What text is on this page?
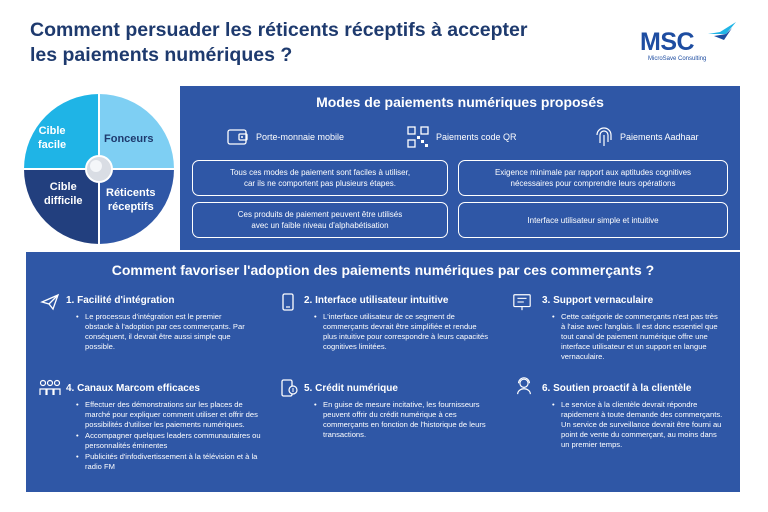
Comment persuader les réticents réceptifs à accepter
les paiements numériques ?	MSC
MicroSave Consulting
Cible
facile	Fonceurs
Cible
difficile
Réticents
réceptifs
Modes de paiements numériques proposés
Porte-monnaie mobile	Paiements code QR	Paiements Aadhaar
Tous ces modes de paiement sont faciles à utiliser,
car ils ne comportent pas plusieurs étapes.
Exigence minimale par rapport aux aptitudes cognitives
nécessaires pour comprendre leurs opérations
Ces produits de paiement peuvent être utilisés
avec un faible niveau d'alphabétisation
Interface utilisateur simple et intuitive
Comment favoriser l'adoption des paiements numériques par ces commerçants ?
1. Facilité d'intégration
• Le processus d'intégration est le premier obstacle à l'adoption par ces commerçants. Par conséquent, il devrait être aussi simple que possible.
2. Interface utilisateur intuitive
• L'interface utilisateur de ce segment de commerçants devrait être simplifiée et rendue plus intuitive pour correspondre à leurs capacités cognitives limitées.
3. Support vernaculaire
• Cette catégorie de commerçants n'est pas très à l'aise avec l'anglais. Il est donc essentiel que tout canal de paiement numérique offre une interface utilisateur et un support en langue vernaculaire.
4. Canaux Marcom efficaces
• Effectuer des démonstrations sur les places de marché pour expliquer comment utiliser et offrir des possibilités d'utiliser les paiements numériques.
• Accompagner quelques leaders communautaires ou personnalités éminentes
• Publicités d'infodivertissement à la télévision et à la radio FM
5. Crédit numérique
• En guise de mesure incitative, les fournisseurs peuvent offrir du crédit numérique à ces commerçants en fonction de l'historique de leurs transactions.
6. Soutien proactif à la clientèle
• Le service à la clientèle devrait répondre rapidement à toute demande des commerçants. Un service de surveillance devrait être fourni au point de vente du commerçant, au moins dans un premier temps.
